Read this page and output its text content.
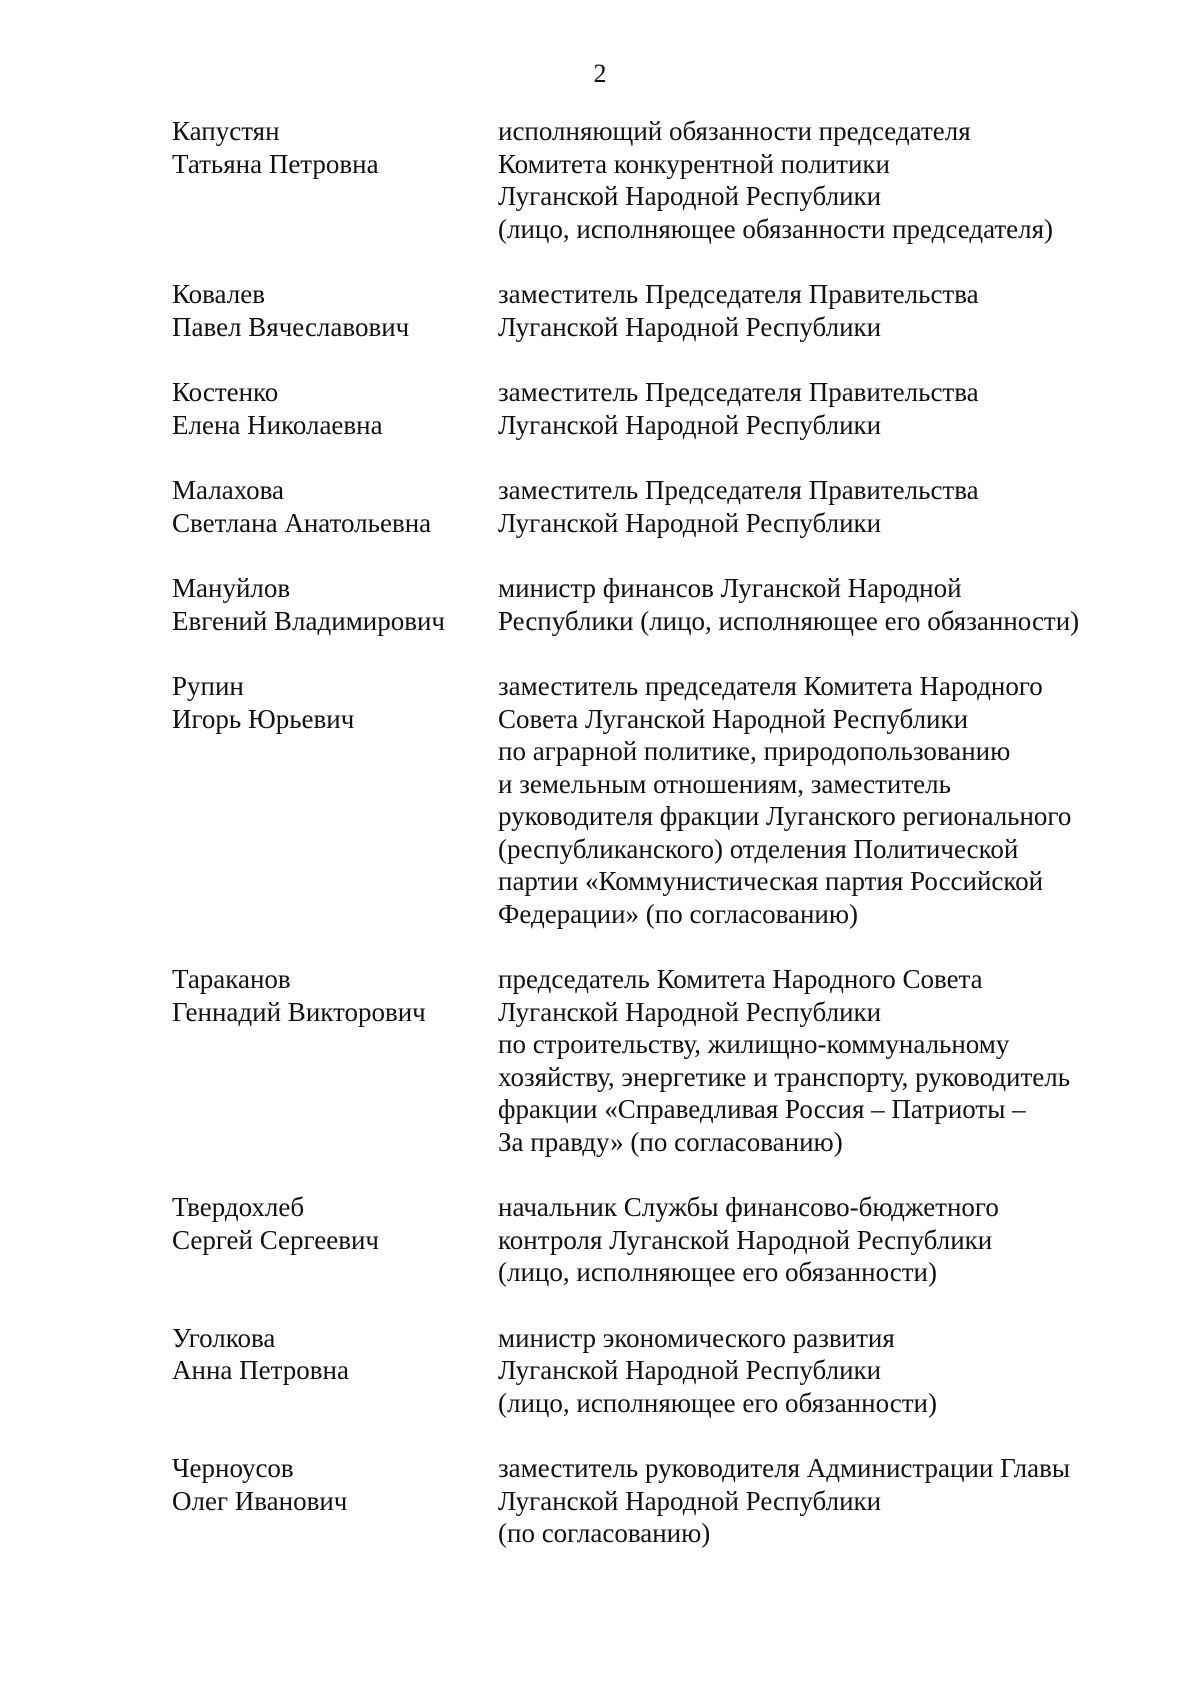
2
Капустян
Татьяна Петровна
исполняющий обязанности председателя
Комитета конкурентной политики
Луганской Народной Республики
(лицо, исполняющее обязанности председателя)
Ковалев
Павел Вячеславович
заместитель Председателя Правительства
Луганской Народной Республики
Костенко
Елена Николаевна
заместитель Председателя Правительства
Луганской Народной Республики
Малахова
Светлана Анатольевна
заместитель Председателя Правительства
Луганской Народной Республики
Мануйлов
Евгений Владимирович
министр финансов Луганской Народной
Республики (лицо, исполняющее его обязанности)
Рупин
Игорь Юрьевич
заместитель председателя Комитета Народного
Совета Луганской Народной Республики
по аграрной политике, природопользованию
и земельным отношениям, заместитель
руководителя фракции Луганского регионального
(республиканского) отделения Политической
партии «Коммунистическая партия Российской
Федерации» (по согласованию)
Тараканов
Геннадий Викторович
председатель Комитета Народного Совета
Луганской Народной Республики
по строительству, жилищно-коммунальному
хозяйству, энергетике и транспорту, руководитель
фракции «Справедливая Россия – Патриоты –
За правду» (по согласованию)
Твердохлеб
Сергей Сергеевич
начальник Службы финансово-бюджетного
контроля Луганской Народной Республики
(лицо, исполняющее его обязанности)
Уголкова
Анна Петровна
министр экономического развития
Луганской Народной Республики
(лицо, исполняющее его обязанности)
Черноусов
Олег Иванович
заместитель руководителя Администрации Главы
Луганской Народной Республики
(по согласованию)
